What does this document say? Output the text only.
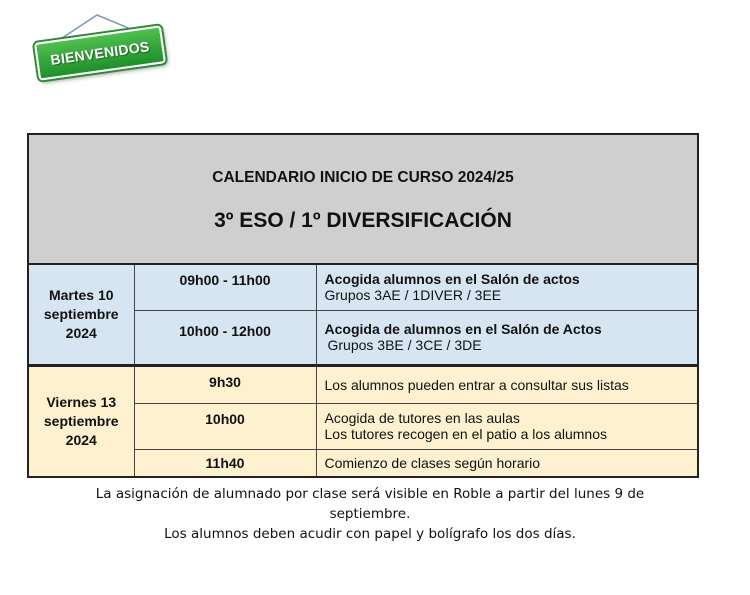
BIENVENIDOS
CALENDARIO INICIO DE CURSO 2024/25
3º ESO / 1º DIVERSIFICACIÓN		

Martes 10
septiembre
2024	09h00 - 11h00	Acogida alumnos en el Salón de actos
Grupos 3AE / 1DIVER / 3EE

	10h00 - 12h00	Acogida de alumnos en el Salón de Actos
Grupos 3BE / 3CE / 3DE

Viernes 13
septiembre
2024	9h30	Los alumnos pueden entrar a consultar sus listas

	10h00	Acogida de tutores en las aulas
Los tutores recogen en el patio a los alumnos

	11h40	Comienzo de clases según horario
La asignación de alumnado por clase será visible en Roble a partir del lunes 9 de
septiembre.
Los alumnos deben acudir con papel y bolígrafo los dos días.
